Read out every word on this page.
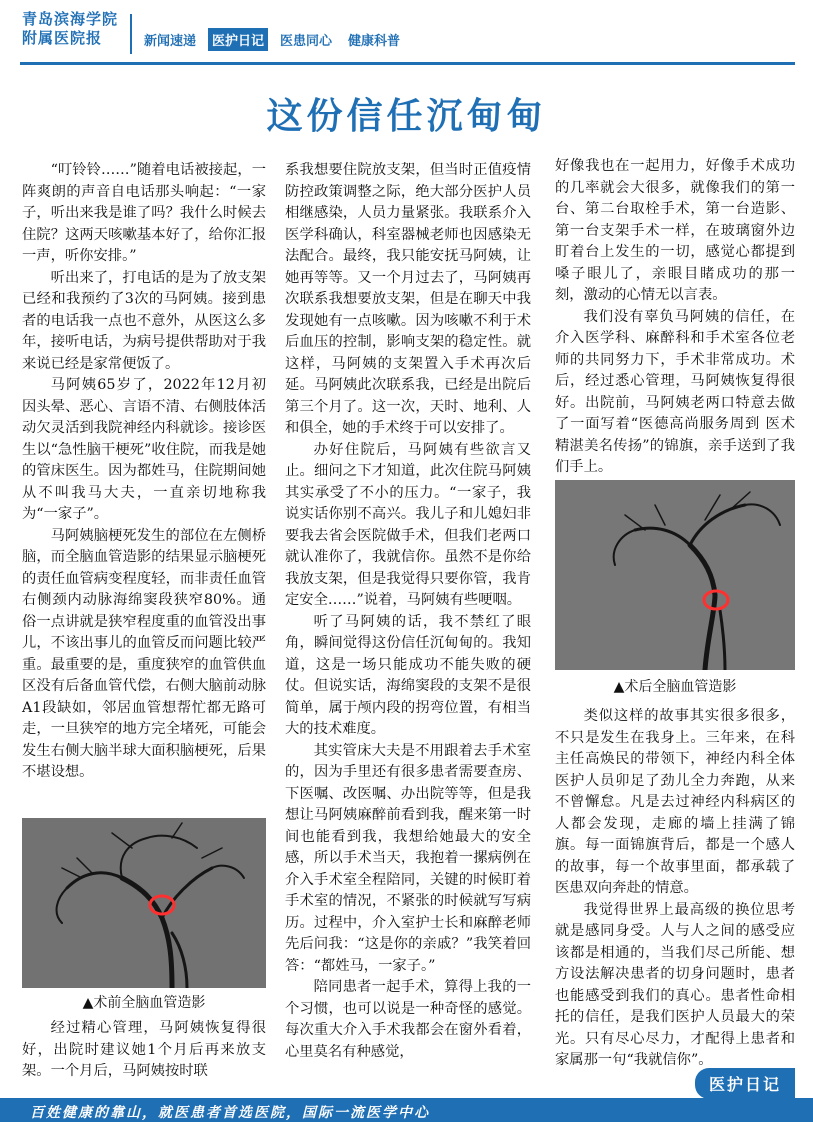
青岛滨海学院
附属医院报	新闻速递	医护日记	医患同心	健康科普
这份信任沉甸甸

“叮铃铃……”随着电话被接起，一阵爽朗的声音自电话那头响起：“一家子，听出来我是谁了吗？我什么时候去住院？这两天咳嗽基本好了，给你汇报一声，听你安排。”

听出来了，打电话的是为了放支架已经和我预约了3次的马阿姨。接到患者的电话我一点也不意外，从医这么多年，接听电话，为病号提供帮助对于我来说已经是家常便饭了。

马阿姨65岁了，2022年12月初因头晕、恶心、言语不清、右侧肢体活动欠灵活到我院神经内科就诊。接诊医生以“急性脑干梗死”收住院，而我是她的管床医生。因为都姓马，住院期间她从不叫我马大夫，一直亲切地称我为“一家子”。

马阿姨脑梗死发生的部位在左侧桥脑，而全脑血管造影的结果显示脑梗死的责任血管病变程度轻，而非责任血管右侧颈内动脉海绵窦段狭窄80%。通俗一点讲就是狭窄程度重的血管没出事儿，不该出事儿的血管反而问题比较严重。最重要的是，重度狭窄的血管供血区没有后备血管代偿，右侧大脑前动脉A1段缺如，邻居血管想帮忙都无路可走，一旦狭窄的地方完全堵死，可能会发生右侧大脑半球大面积脑梗死，后果不堪设想。

▲术前全脑血管造影

经过精心管理，马阿姨恢复得很好，出院时建议她1个月后再来放支架。一个月后，马阿姨按时联

系我想要住院放支架，但当时正值疫情防控政策调整之际，绝大部分医护人员相继感染，人员力量紧张。我联系介入医学科确认，科室器械老师也因感染无法配合。最终，我只能安抚马阿姨，让她再等等。又一个月过去了，马阿姨再次联系我想要放支架，但是在聊天中我发现她有一点咳嗽。因为咳嗽不利于术后血压的控制，影响支架的稳定性。就这样，马阿姨的支架置入手术再次后延。马阿姨此次联系我，已经是出院后第三个月了。这一次，天时、地利、人和俱全，她的手术终于可以安排了。

办好住院后，马阿姨有些欲言又止。细问之下才知道，此次住院马阿姨其实承受了不小的压力。“一家子，我说实话你别不高兴。我儿子和儿媳妇非要我去省会医院做手术，但我们老两口就认准你了，我就信你。虽然不是你给我放支架，但是我觉得只要你管，我肯定安全……”说着，马阿姨有些哽咽。

听了马阿姨的话，我不禁红了眼角，瞬间觉得这份信任沉甸甸的。我知道，这是一场只能成功不能失败的硬仗。但说实话，海绵窦段的支架不是很简单，属于颅内段的拐弯位置，有相当大的技术难度。

其实管床大夫是不用跟着去手术室的，因为手里还有很多患者需要查房、下医嘱、改医嘱、办出院等等，但是我想让马阿姨麻醉前看到我，醒来第一时间也能看到我，我想给她最大的安全感，所以手术当天，我抱着一摞病例在介入手术室全程陪同，关键的时候盯着手术室的情况，不紧张的时候就写写病历。过程中，介入室护士长和麻醉老师先后问我：“这是你的亲戚？”我笑着回答：“都姓马，一家子。”

陪同患者一起手术，算得上我的一个习惯，也可以说是一种奇怪的感觉。每次重大介入手术我都会在窗外看着，心里莫名有种感觉，

好像我也在一起用力，好像手术成功的几率就会大很多，就像我们的第一台、第二台取栓手术，第一台造影、第一台支架手术一样，在玻璃窗外边盯着台上发生的一切，感觉心都提到嗓子眼儿了，亲眼目睹成功的那一刻，激动的心情无以言表。

我们没有辜负马阿姨的信任，在介入医学科、麻醉科和手术室各位老师的共同努力下，手术非常成功。术后，经过悉心管理，马阿姨恢复得很好。出院前，马阿姨老两口特意去做了一面写着“医德高尚服务周到 医术精湛美名传扬”的锦旗，亲手送到了我们手上。

▲术后全脑血管造影

类似这样的故事其实很多很多，不只是发生在我身上。三年来，在科主任高焕民的带领下，神经内科全体医护人员卯足了劲儿全力奔跑，从来不曾懈怠。凡是去过神经内科病区的人都会发现，走廊的墙上挂满了锦旗。每一面锦旗背后，都是一个感人的故事，每一个故事里面，都承载了医患双向奔赴的情意。

我觉得世界上最高级的换位思考就是感同身受。人与人之间的感受应该都是相通的，当我们尽己所能、想方设法解决患者的切身问题时，患者也能感受到我们的真心。患者性命相托的信任，是我们医护人员最大的荣光。只有尽心尽力，才配得上患者和家属那一句“我就信你”。

医护日记
百姓健康的靠山，就医患者首选医院，国际一流医学中心
